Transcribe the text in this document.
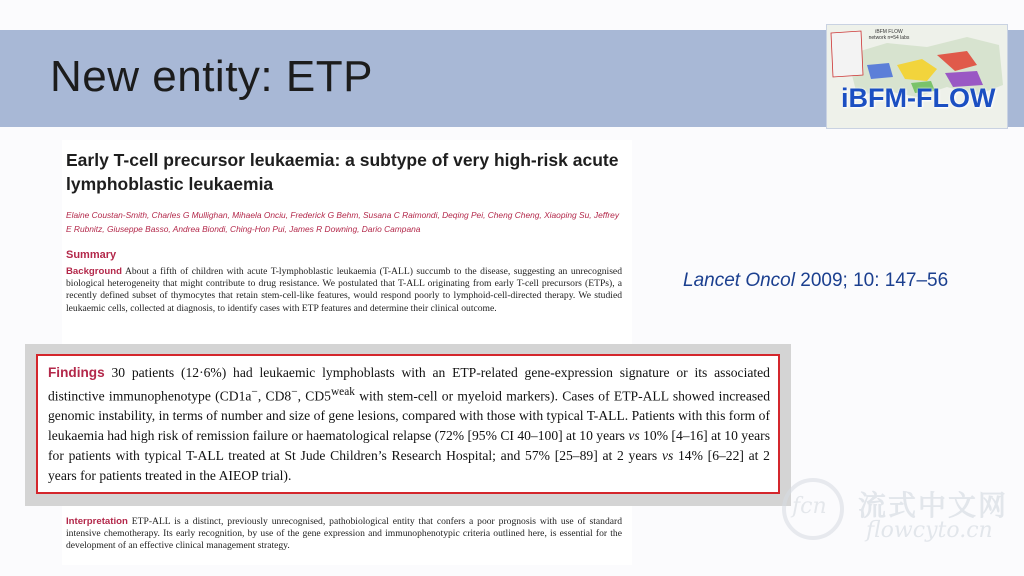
New entity: ETP
iBFM FLOW network n=54 labs
iBFM-FLOW
Early T-cell precursor leukaemia: a subtype of very high-risk acute lymphoblastic leukaemia
Elaine Coustan-Smith, Charles G Mullighan, Mihaela Onciu, Frederick G Behm, Susana C Raimondi, Deqing Pei, Cheng Cheng, Xiaoping Su, Jeffrey E Rubnitz, Giuseppe Basso, Andrea Biondi, Ching-Hon Pui, James R Downing, Dario Campana
Summary
Background About a fifth of children with acute T-lymphoblastic leukaemia (T-ALL) succumb to the disease, suggesting an unrecognised biological heterogeneity that might contribute to drug resistance. We postulated that T-ALL originating from early T-cell precursors (ETPs), a recently defined subset of thymocytes that retain stem-cell-like features, would respond poorly to lymphoid-cell-directed therapy. We studied leukaemic cells, collected at diagnosis, to identify cases with ETP features and determine their clinical outcome.
Findings 30 patients (12·6%) had leukaemic lymphoblasts with an ETP-related gene-expression signature or its associated distinctive immunophenotype (CD1a−, CD8−, $CD5^{weak}$ with stem-cell or myeloid markers). Cases of ETP-ALL showed increased genomic instability, in terms of number and size of gene lesions, compared with those with typical T-ALL. Patients with this form of leukaemia had high risk of remission failure or haematological relapse (72% [95% CI 40–100] at 10 years vs 10% [4–16] at 10 years for patients with typical T-ALL treated at St Jude Children’s Research Hospital; and 57% [25–89] at 2 years vs 14% [6–22] at 2 years for patients treated in the AIEOP trial).
Interpretation ETP-ALL is a distinct, previously unrecognised, pathobiological entity that confers a poor prognosis with use of standard intensive chemotherapy. Its early recognition, by use of the gene expression and immunophenotypic criteria outlined here, is essential for the development of an effective clinical management strategy.
Lancet Oncol 2009; 10: 147–56
fcn 流式中文网
flowcyto.cn
